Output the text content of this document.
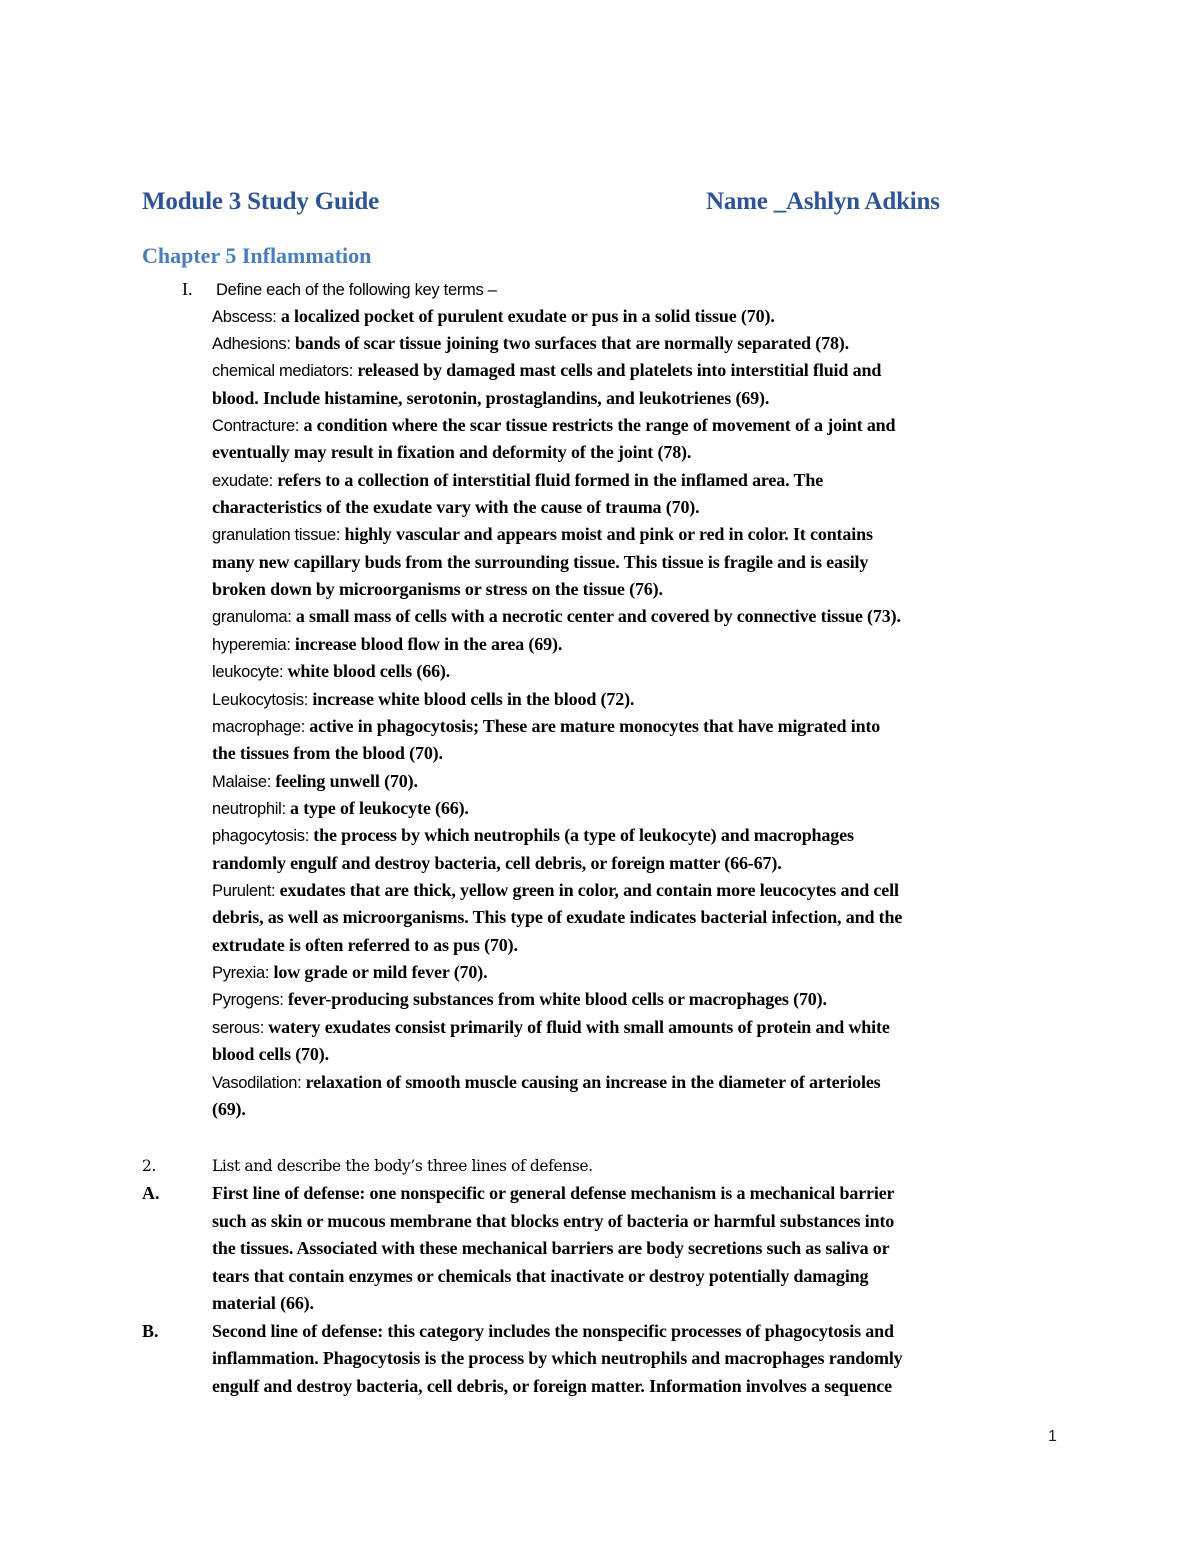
Module 3 Study Guide	Name _Ashlyn Adkins
Chapter 5 Inflammation
I. Define each of the following key terms –
Abscess: a localized pocket of purulent exudate or pus in a solid tissue (70).
Adhesions: bands of scar tissue joining two surfaces that are normally separated (78).
chemical mediators: released by damaged mast cells and platelets into interstitial fluid and
blood. Include histamine, serotonin, prostaglandins, and leukotrienes (69).
Contracture: a condition where the scar tissue restricts the range of movement of a joint and
eventually may result in fixation and deformity of the joint (78).
exudate: refers to a collection of interstitial fluid formed in the inflamed area. The
characteristics of the exudate vary with the cause of trauma (70).
granulation tissue: highly vascular and appears moist and pink or red in color. It contains
many new capillary buds from the surrounding tissue. This tissue is fragile and is easily
broken down by microorganisms or stress on the tissue (76).
granuloma: a small mass of cells with a necrotic center and covered by connective tissue (73).
hyperemia: increase blood flow in the area (69).
leukocyte: white blood cells (66).
Leukocytosis: increase white blood cells in the blood (72).
macrophage: active in phagocytosis; These are mature monocytes that have migrated into
the tissues from the blood (70).
Malaise: feeling unwell (70).
neutrophil: a type of leukocyte (66).
phagocytosis: the process by which neutrophils (a type of leukocyte) and macrophages
randomly engulf and destroy bacteria, cell debris, or foreign matter (66-67).
Purulent: exudates that are thick, yellow green in color, and contain more leucocytes and cell
debris, as well as microorganisms. This type of exudate indicates bacterial infection, and the
extrudate is often referred to as pus (70).
Pyrexia: low grade or mild fever (70).
Pyrogens: fever-producing substances from white blood cells or macrophages (70).
serous: watery exudates consist primarily of fluid with small amounts of protein and white
blood cells (70).
Vasodilation: relaxation of smooth muscle causing an increase in the diameter of arterioles
(69).
2.	List and describe the body’s three lines of defense.
A.	First line of defense: one nonspecific or general defense mechanism is a mechanical barrier
such as skin or mucous membrane that blocks entry of bacteria or harmful substances into
the tissues. Associated with these mechanical barriers are body secretions such as saliva or
tears that contain enzymes or chemicals that inactivate or destroy potentially damaging
material (66).
B.	Second line of defense: this category includes the nonspecific processes of phagocytosis and
inflammation. Phagocytosis is the process by which neutrophils and macrophages randomly
engulf and destroy bacteria, cell debris, or foreign matter. Information involves a sequence
1
